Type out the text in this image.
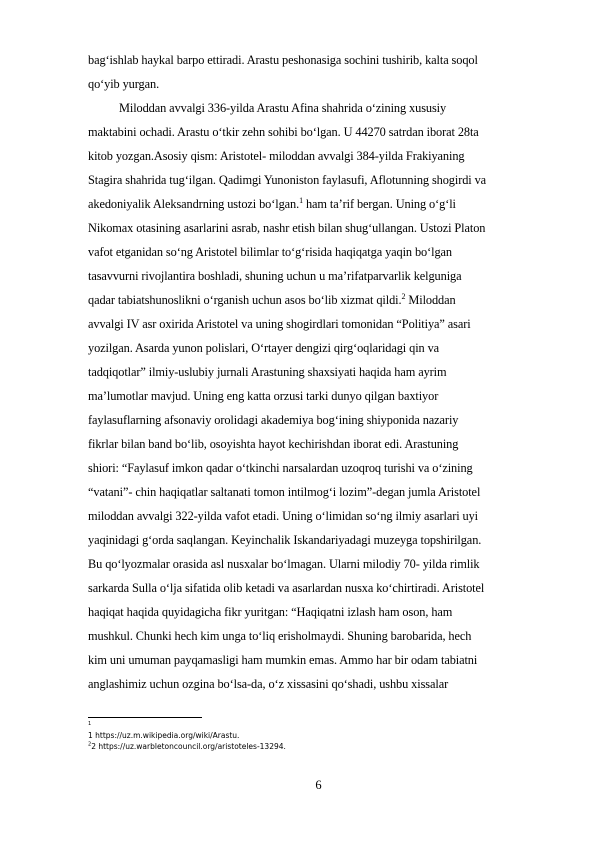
bag‘ishlab haykal barpo ettiradi. Arastu peshonasiga sochini tushirib, kalta soqol
qo‘yib yurgan.
Miloddan avvalgi 336-yilda Arastu Afina shahrida o‘zining xususiy
maktabini ochadi. Arastu o‘tkir zehn sohibi bo‘lgan. U 44270 satrdan iborat 28ta
kitob yozgan.Asosiy qism: Aristotel- miloddan avvalgi 384-yilda Frakiyaning
Stagira shahrida tug‘ilgan. Qadimgi Yunoniston faylasufi, Aflotunning shogirdi va
akedoniyalik Aleksandrning ustozi bo‘lgan.$^1$ ham ta’rif bergan. Uning o‘g‘li
Nikomax otasining asarlarini asrab, nashr etish bilan shug‘ullangan. Ustozi Platon
vafot etganidan so‘ng Aristotel bilimlar to‘g‘risida haqiqatga yaqin bo‘lgan
tasavvurni rivojlantira boshladi, shuning uchun u ma’rifatparvarlik kelguniga
qadar tabiatshunoslikni o‘rganish uchun asos bo‘lib xizmat qildi.$^2$ Miloddan
avvalgi IV asr oxirida Aristotel va uning shogirdlari tomonidan “Politiya” asari
yozilgan. Asarda yunon polislari, O‘rtayer dengizi qirg‘oqlaridagi qin va
tadqiqotlar” ilmiy-uslubiy jurnali Arastuning shaxsiyati haqida ham ayrim
ma’lumotlar mavjud. Uning eng katta orzusi tarki dunyo qilgan baxtiyor
faylasuflarning afsonaviy orolidagi akademiya bog‘ining shiyponida nazariy
fikrlar bilan band bo‘lib, osoyishta hayot kechirishdan iborat edi. Arastuning
shiori: “Faylasuf imkon qadar o‘tkinchi narsalardan uzoqroq turishi va o‘zining
“vatani”- chin haqiqatlar saltanati tomon intilmog‘i lozim”-degan jumla Aristotel
miloddan avvalgi 322-yilda vafot etadi. Uning o‘limidan so‘ng ilmiy asarlari uyi
yaqinidagi g‘orda saqlangan. Keyinchalik Iskandariyadagi muzeyga topshirilgan.
Bu qo‘lyozmalar orasida asl nusxalar bo‘lmagan. Ularni milodiy 70- yilda rimlik
sarkarda Sulla o‘lja sifatida olib ketadi va asarlardan nusxa ko‘chirtiradi. Aristotel
haqiqat haqida quyidagicha fikr yuritgan: “Haqiqatni izlash ham oson, ham
mushkul. Chunki hech kim unga to‘liq erisholmaydi. Shuning barobarida, hech
kim uni umuman payqamasligi ham mumkin emas. Ammo har bir odam tabiatni
anglashimiz uchun ozgina bo‘lsa-da, o‘z xissasini qo‘shadi, ushbu xissalar
1
1 https://uz.m.wikipedia.org/wiki/Arastu.
$^2$2 https://uz.warbletoncouncil.org/aristoteles-13294.
6
